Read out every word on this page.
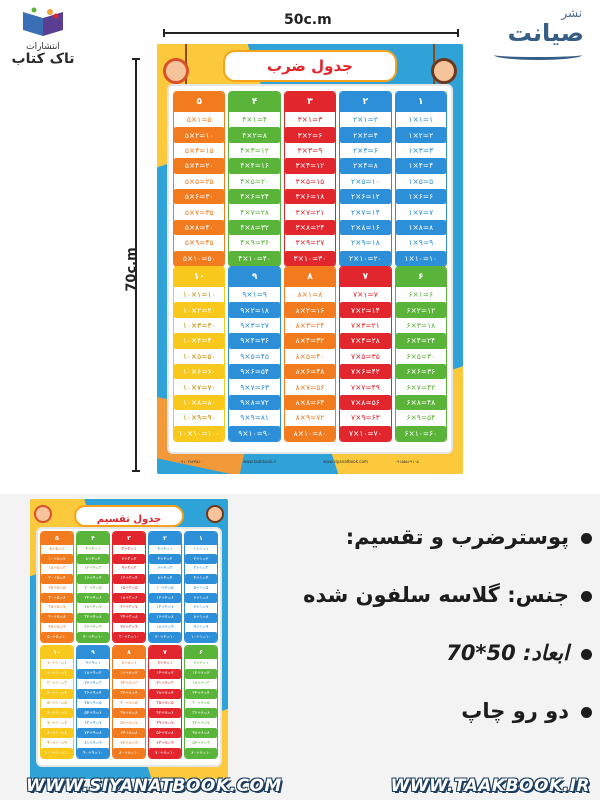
انتشارات
تاک کتاب
نشر
صیانت
50c.m
70c.m
جدول ضرب
۵
۵×۱=۵
۵×۲=۱۰
۵×۳=۱۵
۵×۴=۲۰
۵×۵=۲۵
۵×۶=۳۰
۵×۷=۳۵
۵×۸=۴۰
۵×۹=۴۵
۵×۱۰=۵۰
۴
۴×۱=۴
۴×۲=۸
۴×۳=۱۲
۴×۴=۱۶
۴×۵=۲۰
۴×۶=۲۴
۴×۷=۲۸
۴×۸=۳۲
۴×۹=۳۶
۴×۱۰=۴۰
۳
۳×۱=۳
۳×۲=۶
۳×۳=۹
۳×۴=۱۲
۳×۵=۱۵
۳×۶=۱۸
۳×۷=۲۱
۳×۸=۲۴
۳×۹=۲۷
۳×۱۰=۳۰
۲
۲×۱=۲
۲×۲=۴
۲×۳=۶
۲×۴=۸
۲×۵=۱۰
۲×۶=۱۲
۲×۷=۱۴
۲×۸=۱۶
۲×۹=۱۸
۲×۱۰=۲۰
۱
۱×۱=۱
۱×۲=۲
۱×۳=۳
۱×۴=۴
۱×۵=۵
۱×۶=۶
۱×۷=۷
۱×۸=۸
۱×۹=۹
۱×۱۰=۱۰
۱۰
۱۰×۱=۱۰
۱۰×۲=۲۰
۱۰×۳=۳۰
۱۰×۴=۴۰
۱۰×۵=۵۰
۱۰×۶=۶۰
۱۰×۷=۷۰
۱۰×۸=۸۰
۱۰×۹=۹۰
۱۰×۱۰=۱۰۰
۹
۹×۱=۹
۹×۲=۱۸
۹×۳=۲۷
۹×۴=۳۶
۹×۵=۴۵
۹×۶=۵۴
۹×۷=۶۳
۹×۸=۷۲
۹×۹=۸۱
۹×۱۰=۹۰
۸
۸×۱=۸
۸×۲=۱۶
۸×۳=۲۴
۸×۴=۳۲
۸×۵=۴۰
۸×۶=۴۸
۸×۷=۵۶
۸×۸=۶۴
۸×۹=۷۲
۸×۱۰=۸۰
۷
۷×۱=۷
۷×۲=۱۴
۷×۳=۲۱
۷×۴=۲۸
۷×۵=۳۵
۷×۶=۴۲
۷×۷=۴۹
۷×۸=۵۶
۷×۹=۶۳
۷×۱۰=۷۰
۶
۶×۱=۶
۶×۲=۱۲
۶×۳=۱۸
۶×۴=۲۴
۶×۵=۳۰
۶×۶=۳۶
۶×۷=۴۲
۶×۸=۴۸
۶×۹=۵۴
۶×۱۰=۶۰
۰۹۱۰۲۸۴۳۵۱۰	www.taakbook.ir	www.siyanatbook.com	۰۹۱۵۵۸۶۹۱۰۵
جدول تقسیم
۵
۵÷۵=۱
۱۰÷۵=۲
۱۵÷۵=۳
۲۰÷۵=۴
۲۵÷۵=۵
۳۰÷۵=۶
۳۵÷۵=۷
۴۰÷۵=۸
۴۵÷۵=۹
۵۰÷۵=۱۰
۴
۴÷۴=۱
۸÷۴=۲
۱۲÷۴=۳
۱۶÷۴=۴
۲۰÷۴=۵
۲۴÷۴=۶
۲۸÷۴=۷
۳۲÷۴=۸
۳۶÷۴=۹
۴۰÷۴=۱۰
۳
۳÷۳=۱
۶÷۳=۲
۹÷۳=۳
۱۲÷۳=۴
۱۵÷۳=۵
۱۸÷۳=۶
۲۱÷۳=۷
۲۴÷۳=۸
۲۷÷۳=۹
۳۰÷۳=۱۰
۲
۲÷۲=۱
۴÷۲=۲
۶÷۲=۳
۸÷۲=۴
۱۰÷۲=۵
۱۲÷۲=۶
۱۴÷۲=۷
۱۶÷۲=۸
۱۸÷۲=۹
۲۰÷۲=۱۰
۱
۱÷۱=۱
۲÷۱=۲
۳÷۱=۳
۴÷۱=۴
۵÷۱=۵
۶÷۱=۶
۷÷۱=۷
۸÷۱=۸
۹÷۱=۹
۱۰÷۱=۱۰
۱۰
۱۰÷۱۰=۱
۲۰÷۱۰=۲
۳۰÷۱۰=۳
۴۰÷۱۰=۴
۵۰÷۱۰=۵
۶۰÷۱۰=۶
۷۰÷۱۰=۷
۸۰÷۱۰=۸
۹۰÷۱۰=۹
۱۰۰÷۱۰=۱۰
۹
۹÷۹=۱
۱۸÷۹=۲
۲۷÷۹=۳
۳۶÷۹=۴
۴۵÷۹=۵
۵۴÷۹=۶
۶۳÷۹=۷
۷۲÷۹=۸
۸۱÷۹=۹
۹۰÷۹=۱۰
۸
۸÷۸=۱
۱۶÷۸=۲
۲۴÷۸=۳
۳۲÷۸=۴
۴۰÷۸=۵
۴۸÷۸=۶
۵۶÷۸=۷
۶۴÷۸=۸
۷۲÷۸=۹
۸۰÷۸=۱۰
۷
۷÷۷=۱
۱۴÷۷=۲
۲۱÷۷=۳
۲۸÷۷=۴
۳۵÷۷=۵
۴۲÷۷=۶
۴۹÷۷=۷
۵۶÷۷=۸
۶۳÷۷=۹
۷۰÷۷=۱۰
۶
۶÷۶=۱
۱۲÷۶=۲
۱۸÷۶=۳
۲۴÷۶=۴
۳۰÷۶=۵
۳۶÷۶=۶
۴۲÷۶=۷
۴۸÷۶=۸
۵۴÷۶=۹
۶۰÷۶=۱۰
پوسترضرب و تقسیم:
جنس: گلاسه سلفون شده
ابعاد: 50*70
دو رو چاپ
WWW.SIYANATBOOK.COM	WWW.TAAKBOOK.IR
